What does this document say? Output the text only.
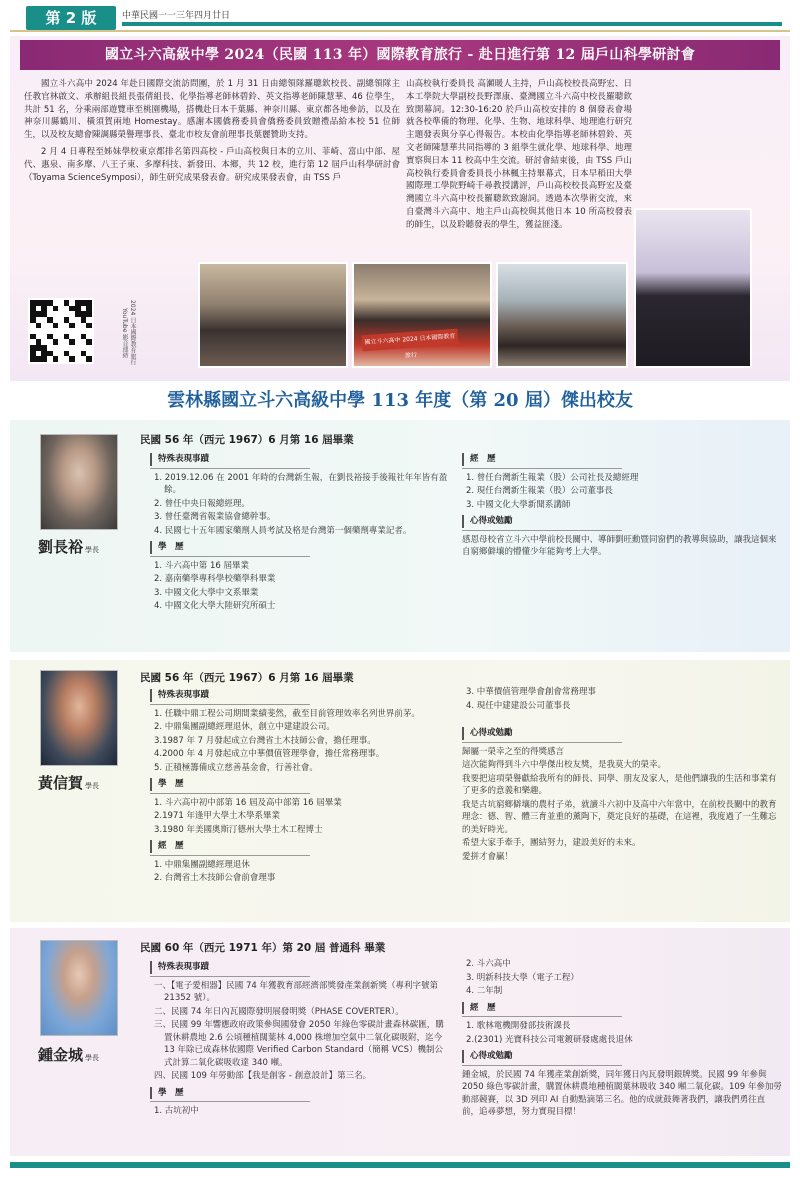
第 2 版	中華民國一一三年四月廿日
國立斗六高級中學 2024（民國 113 年）國際教育旅行 - 赴日進行第 12 屆戶山科學研討會

國立斗六高中 2024 年赴日國際交流訪問團，於 1 月 31 日由總領隊羅聰欽校長、副總領隊主任教官林啟文、承辦組長組長張倩組長、化學指導老師林碧鈴、英文指導老師陳慧華、46 位學生，共計 51 名，分乘兩部遊覽車至桃園機場，搭機赴日本千葉縣、神奈川縣、東京都各地參訪，以及在神奈川縣鶴川、橫須賀兩地 Homestay。感謝本國僑務委員會僑務委員致贈禮品給本校 51 位師生，以及校友總會陳調縣榮譽理事長、臺北市校友會前理事長葉麗贊助支持。

2 月 4 日專程至姊妹學校東京都排名第四高校 - 戶山高校與日本的立川、菲崎、富山中部、屋代、惠泉、南多摩、八王子東、多摩科技、新發田、本鄉，共 12 校，進行第 12 屆戶山科學研討會（Toyama ScienceSymposi），師生研究成果發表會。研究成果發表會，由 TSS 戶

山高校執行委員長 高瀬暖人主持，戶山高校校長高野宏、日本工學院大學副校長野澤康、臺灣國立斗六高中校長羅聰欽致開幕詞。12:30-16:20 於戶山高校安排的 8 個發表會場就各校準備的物理、化學、生物、地球科學、地理進行研究主題發表與分享心得報告。本校由化學指導老師林碧鈴、英文老師陳慧華共同指導的 3 組學生就化學、地球科學、地理實察與日本 11 校高中生交流。研討會結束後，由 TSS 戶山高校執行委員會委員長小林楓主持畢幕式，日本早稻田大學國際理工學院野崎千尋教授講評，戶山高校校長高野宏及臺灣國立斗六高中校長羅聰欽致謝詞。透過本次學術交流，來自臺灣斗六高中、地主戶山高校與其他日本 10 所高校發表的師生，以及聆聽發表的學生，獲益匪淺。

2024 日本國際教育旅行 YouTube 影音連結	國立斗六高中 2024 日本國際教育旅行
雲林縣國立斗六高級中學 113 年度（第 20 屆）傑出校友
劉長裕 學長
民國 56 年（西元 1967）6 月第 16 屆畢業
特殊表現事蹟
1. 2019.12.06 在 2001 年時的台灣新生報，在劉長裕接手後報社年年皆有盈餘。
2. 曾任中央日報總經理。
3. 曾任臺灣省報業協會總幹事。
4. 民國七十五年國家藥劑人員考試及格是台灣第一個藥劑專業記者。
學　歷
1. 斗六高中第 16 屆畢業
2. 嘉南藥學專科學校藥學科畢業
3. 中國文化大學中文系畢業
4. 中國文化大學大陸研究所碩士
經　歷
1. 曾任台灣新生報業（股）公司社長及總經理
2. 現任台灣新生報業（股）公司董事長
3. 中國文化大學新聞系講師
心得或勉勵
感恩母校省立斗六中學前校長關中、導師劉旺勳暨同窗們的教導與協助，讓我這個來自窮鄉僻壤的懵懂少年能夠考上大學。
黃信賀 學長
民國 56 年（西元 1967）6 月第 16 屆畢業
特殊表現事蹟
1. 任職中鼎工程公司期間業績斐然，截至目前管理效率名列世界前茅。
2. 中鼎集團副總經理退休，創立中建建設公司。
3.1987 年 7 月發起成立台灣省土木技師公會，擔任理事。
4.2000 年 4 月發起成立中華價值管理學會，擔任常務理事。
5. 正積極籌備成立慈善基金會，行善社會。
學　歷
1. 斗六高中初中部第 16 屆及高中部第 16 屆畢業
2.1971 年逢甲大學土木學系畢業
3.1980 年美國奧斯汀德州大學土木工程博士
經　歷
1. 中鼎集團副總經理退休
2. 台灣省土木技師公會前會理事
3. 中華價值管理學會創會常務理事
4. 現任中建建設公司董事長
心得或勉勵
歸屬一榮幸之至的得獎感言
這次能夠得到斗六中學傑出校友獎，是我莫大的榮幸。
我要把這項榮譽獻給我所有的師長、同學、朋友及家人，是他們讓我的生活和事業有了更多的意義和樂趣。
我是古坑窮鄉僻壤的農村子弟，就讀斗六初中及高中六年當中，在前校長關中的教育理念：德、智、體三育並重的薰陶下，奠定良好的基礎，在這裡，我度過了一生難忘的美好時光。
希望大家手牽手，團結努力，建設美好的未來。
愛拼才會贏！
鍾金城 學長
民國 60 年（西元 1971 年）第 20 屆 普通科 畢業
特殊表現事蹟
一、【電子愛相器】民國 74 年獲教育部經濟部獎發產業創新獎（專利字號第 21352 號）。
二、民國 74 年日內瓦國際發明展發明獎（PHASE COVERTER）。
三、民國 99 年響應政府政策參與國發會 2050 年綠色零碳計畫森林碳匯，購置休耕農地 2.6 公頃種植闊葉林 4,000 株增加空氣中二氧化碳吸附，迄今 13 年除已成森林依國際 Verified Carbon Standard（簡稱 VCS）機制公式計算二氧化碳吸收達 340 噸。
四、民國 109 年勞動部【我是創客 - 創意設計】第三名。
學　歷
1. 古坑初中
2. 斗六高中
3. 明新科技大學（電子工程）
4. 二年制
經　歷
1. 歌林電機開發部技術課長
2.(2301) 光寶科技公司電鍍研發處處長退休
心得或勉勵
鍾金城，於民國 74 年獲產業創新獎，同年獲日內瓦發明銀牌獎。民國 99 年參與 2050 綠色零碳計畫，購置休耕農地種植闊葉林吸收 340 噸二氧化碳。109 年參加勞動部競賽，以 3D 列印 AI 自動點滴第三名。他的成就鼓舞著我們，讓我們勇往直前，追尋夢想，努力實現目標！
